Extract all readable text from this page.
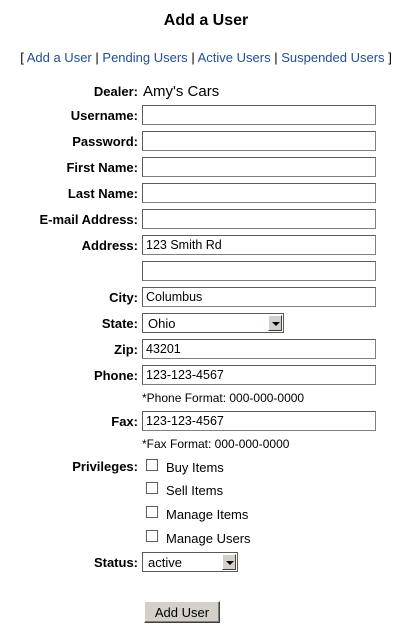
Add a User
[ Add a User | Pending Users | Active Users | Suspended Users ]
Dealer: Amy's Cars
Username:
Password:
First Name:
Last Name:
E-mail Address:
Address: 123 Smith Rd
City: Columbus
State: Ohio
Zip: 43201
Phone: 123-123-4567
*Phone Format: 000-000-0000
Fax: 123-123-4567
*Fax Format: 000-000-0000
Privileges: Buy Items
Sell Items
Manage Items
Manage Users
Status: active
Add User
